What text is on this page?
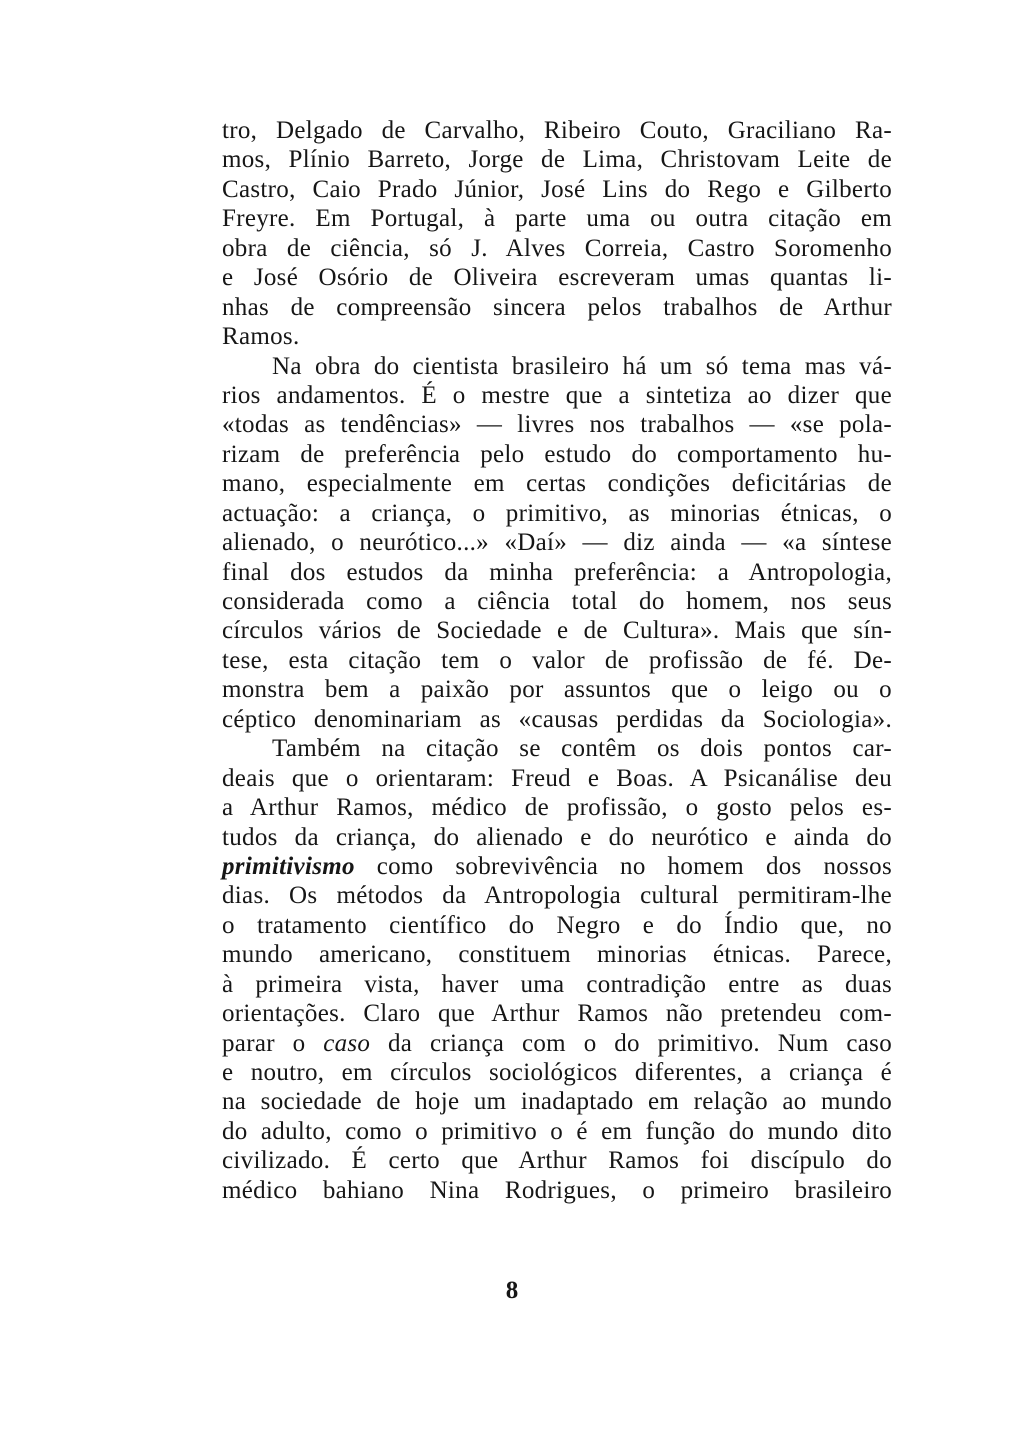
tro, Delgado de Carvalho, Ribeiro Couto, Graciliano Ra-
mos, Plínio Barreto, Jorge de Lima, Christovam Leite de
Castro, Caio Prado Júnior, José Lins do Rego e Gilberto
Freyre. Em Portugal, à parte uma ou outra citação em
obra de ciência, só J. Alves Correia, Castro Soromenho
e José Osório de Oliveira escreveram umas quantas li-
nhas de compreensão sincera pelos trabalhos de Arthur
Ramos.
Na obra do cientista brasileiro há um só tema mas vá-
rios andamentos. É o mestre que a sintetiza ao dizer que
«todas as tendências» — livres nos trabalhos — «se pola-
rizam de preferência pelo estudo do comportamento hu-
mano, especialmente em certas condições deficitárias de
actuação: a criança, o primitivo, as minorias étnicas, o
alienado, o neurótico...» «Daí» — diz ainda — «a síntese
final dos estudos da minha preferência: a Antropologia,
considerada como a ciência total do homem, nos seus
círculos vários de Sociedade e de Cultura». Mais que sín-
tese, esta citação tem o valor de profissão de fé. De-
monstra bem a paixão por assuntos que o leigo ou o
céptico denominariam as «causas perdidas da Sociologia».
Também na citação se contêm os dois pontos car-
deais que o orientaram: Freud e Boas. A Psicanálise deu
a Arthur Ramos, médico de profissão, o gosto pelos es-
tudos da criança, do alienado e do neurótico e ainda do
primitivismo como sobrevivência no homem dos nossos
dias. Os métodos da Antropologia cultural permitiram-lhe
o tratamento científico do Negro e do Índio que, no
mundo americano, constituem minorias étnicas. Parece,
à primeira vista, haver uma contradição entre as duas
orientações. Claro que Arthur Ramos não pretendeu com-
parar o caso da criança com o do primitivo. Num caso
e noutro, em círculos sociológicos diferentes, a criança é
na sociedade de hoje um inadaptado em relação ao mundo
do adulto, como o primitivo o é em função do mundo dito
civilizado. É certo que Arthur Ramos foi discípulo do
médico bahiano Nina Rodrigues, o primeiro brasileiro
8
